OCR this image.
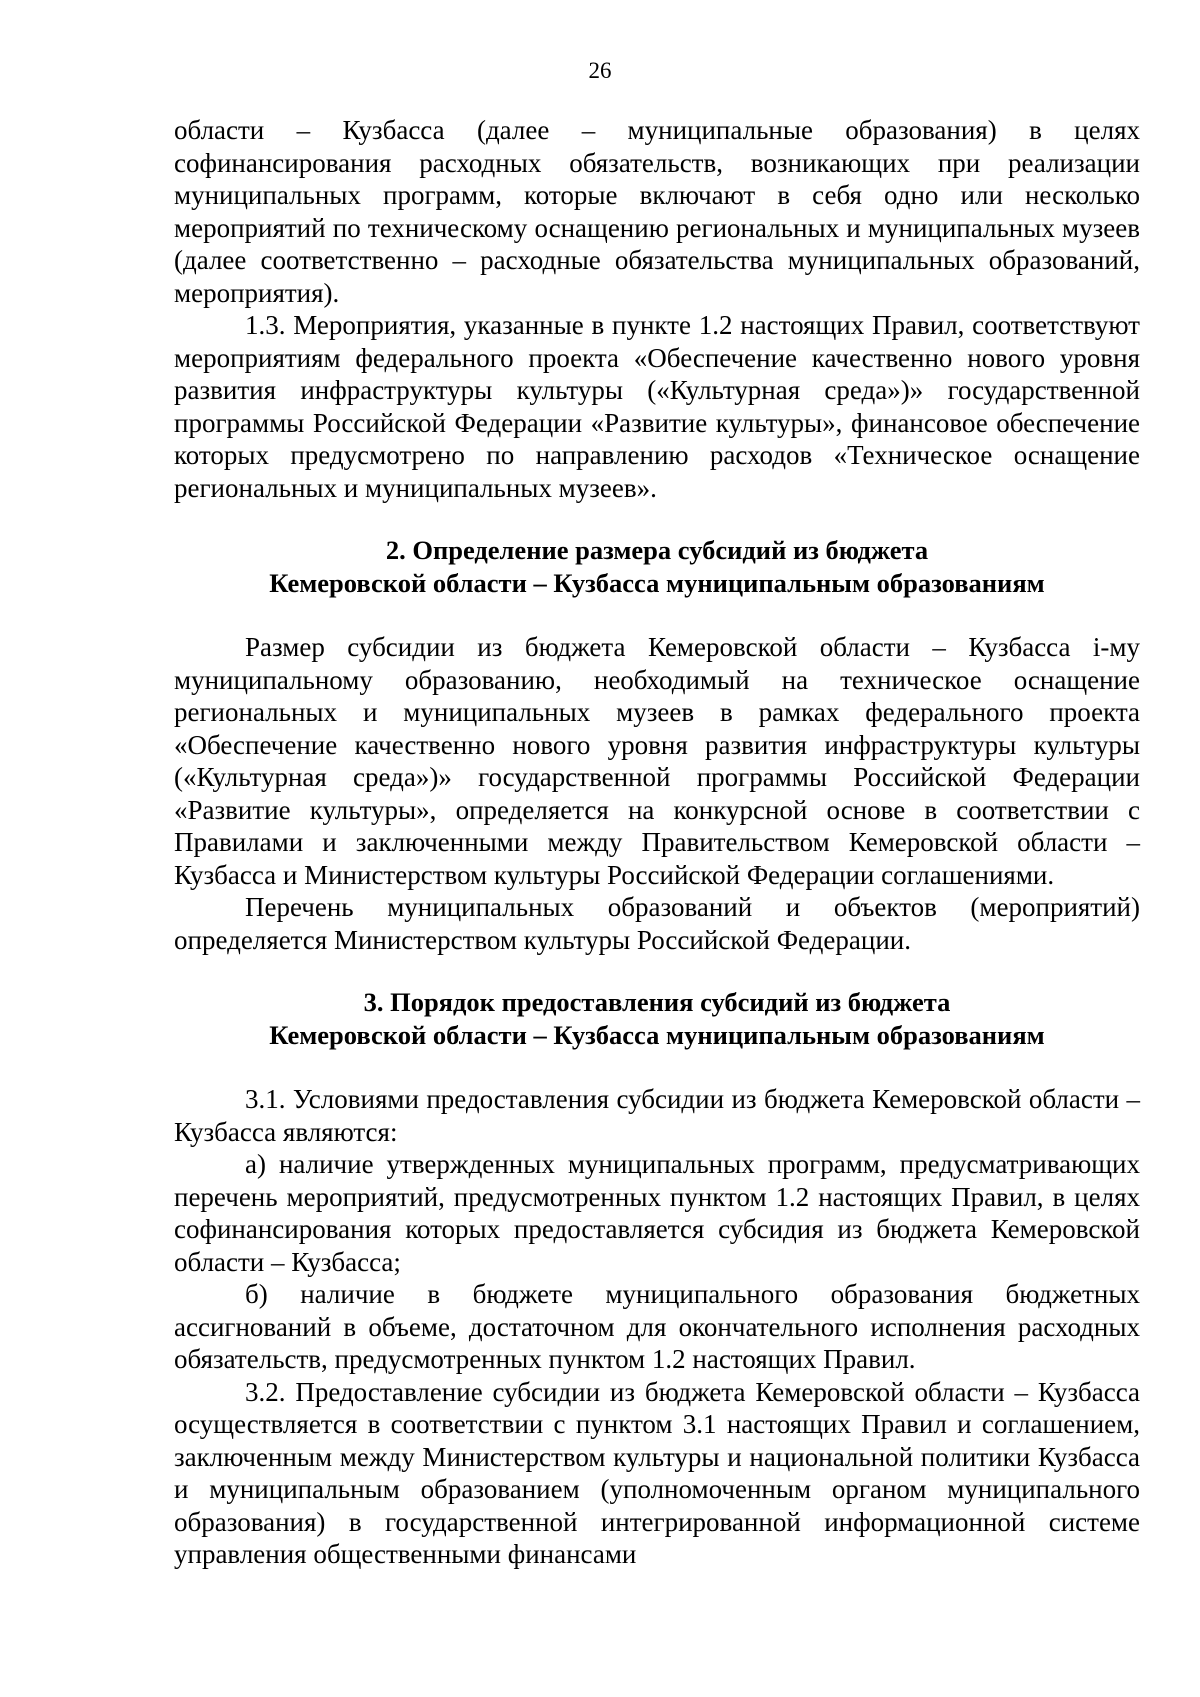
26

области – Кузбасса (далее – муниципальные образования) в целях софинансирования расходных обязательств, возникающих при реализации муниципальных программ, которые включают в себя одно или несколько мероприятий по техническому оснащению региональных и муниципальных музеев (далее соответственно – расходные обязательства муниципальных образований, мероприятия).

1.3. Мероприятия, указанные в пункте 1.2 настоящих Правил, соответствуют мероприятиям федерального проекта «Обеспечение качественно нового уровня развития инфраструктуры культуры («Культурная среда»)» государственной программы Российской Федерации «Развитие культуры», финансовое обеспечение которых предусмотрено по направлению расходов «Техническое оснащение региональных и муниципальных музеев».

2. Определение размера субсидий из бюджета

Кемеровской области – Кузбасса муниципальным образованиям

Размер субсидии из бюджета Кемеровской области – Кузбасса i-му муниципальному образованию, необходимый на техническое оснащение региональных и муниципальных музеев в рамках федерального проекта «Обеспечение качественно нового уровня развития инфраструктуры культуры («Культурная среда»)» государственной программы Российской Федерации «Развитие культуры», определяется на конкурсной основе в соответствии с Правилами и заключенными между Правительством Кемеровской области – Кузбасса и Министерством культуры Российской Федерации соглашениями.

Перечень муниципальных образований и объектов (мероприятий) определяется Министерством культуры Российской Федерации.

3. Порядок предоставления субсидий из бюджета

Кемеровской области – Кузбасса муниципальным образованиям

3.1. Условиями предоставления субсидии из бюджета Кемеровской области – Кузбасса являются:

а) наличие утвержденных муниципальных программ, предусматривающих перечень мероприятий, предусмотренных пунктом 1.2 настоящих Правил, в целях софинансирования которых предоставляется субсидия из бюджета Кемеровской области – Кузбасса;

б) наличие в бюджете муниципального образования бюджетных ассигнований в объеме, достаточном для окончательного исполнения расходных обязательств, предусмотренных пунктом 1.2 настоящих Правил.

3.2. Предоставление субсидии из бюджета Кемеровской области – Кузбасса осуществляется в соответствии с пунктом 3.1 настоящих Правил и соглашением, заключенным между Министерством культуры и национальной политики Кузбасса и муниципальным образованием (уполномоченным органом муниципального образования) в государственной интегрированной информационной системе управления общественными финансами
